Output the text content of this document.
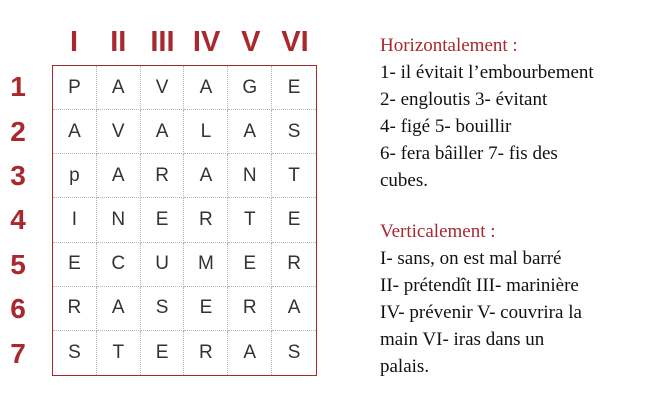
I	II III IV V VI
1
2
3
4
5
6
7
P	A	V	A	G	E
A	V	A	L	A	S
p	A	R	A	N	T
I	N	E	R	T	E
E	C	U	M	E	R
R	A	S	E	R	A
S	T	E	R	A	S
Horizontalement :
1- il évitait l’embourbement
2- engloutis 3- évitant
4- figé 5- bouillir
6- fera bâiller 7- fis des
cubes.
Verticalement :
I- sans, on est mal barré
II- prétendît III- marinière
IV- prévenir V- couvrira la
main VI- iras dans un
palais.
